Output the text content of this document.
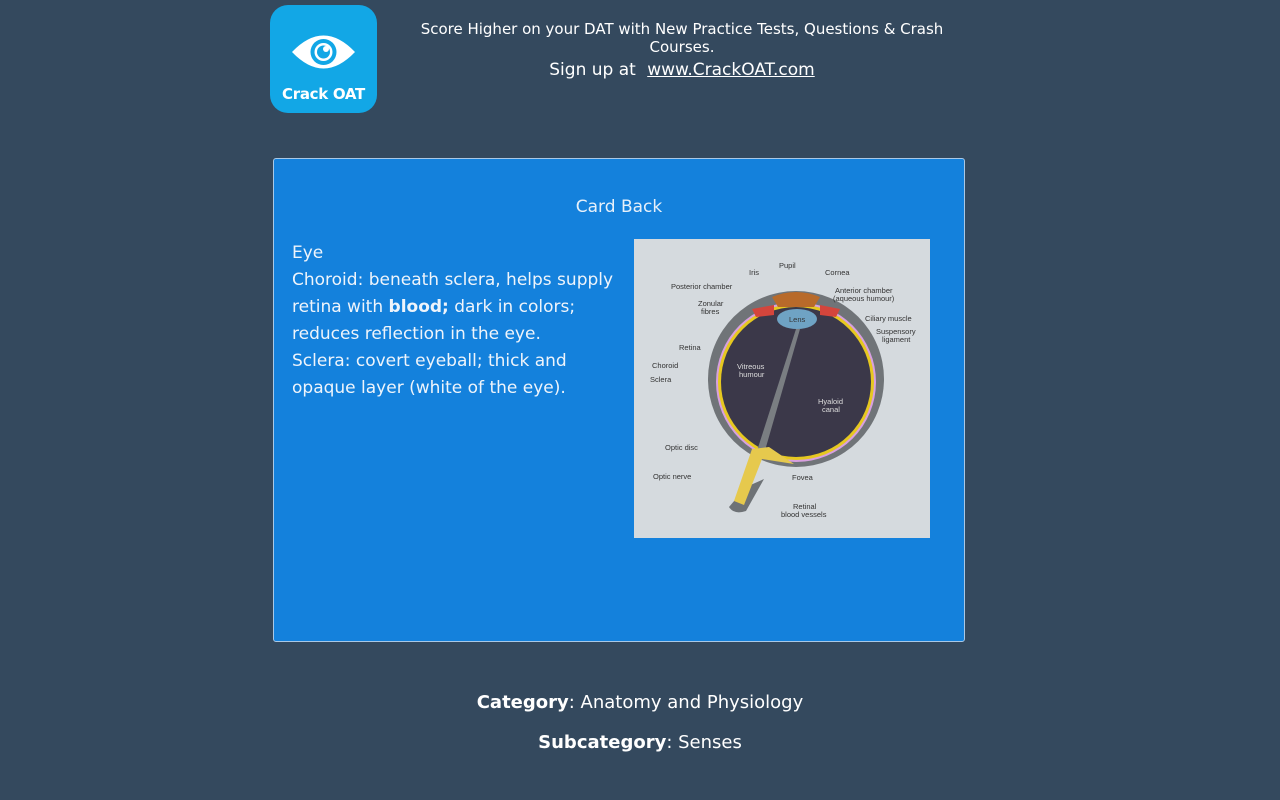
Crack OAT
Score Higher on your DAT with New Practice Tests, Questions & Crash Courses.
Sign up at www.CrackOAT.com
Card Back
Eye
Choroid: beneath sclera, helps supply retina with blood; dark in colors; reduces reflection in the eye.
Sclera: covert eyeball; thick and opaque layer (white of the eye).
Iris
Pupil
Cornea
Posterior chamber	Anterior chamber
(aqueous humour)
Zonular
fibres
Lens	Ciliary muscle
Suspensory
ligament
Retina
Choroid
Sclera
Vitreous
humour
Hyaloid
canal
Optic disc
Optic nerve	Fovea
Retinal
blood vessels
Category: Anatomy and Physiology
Subcategory: Senses
